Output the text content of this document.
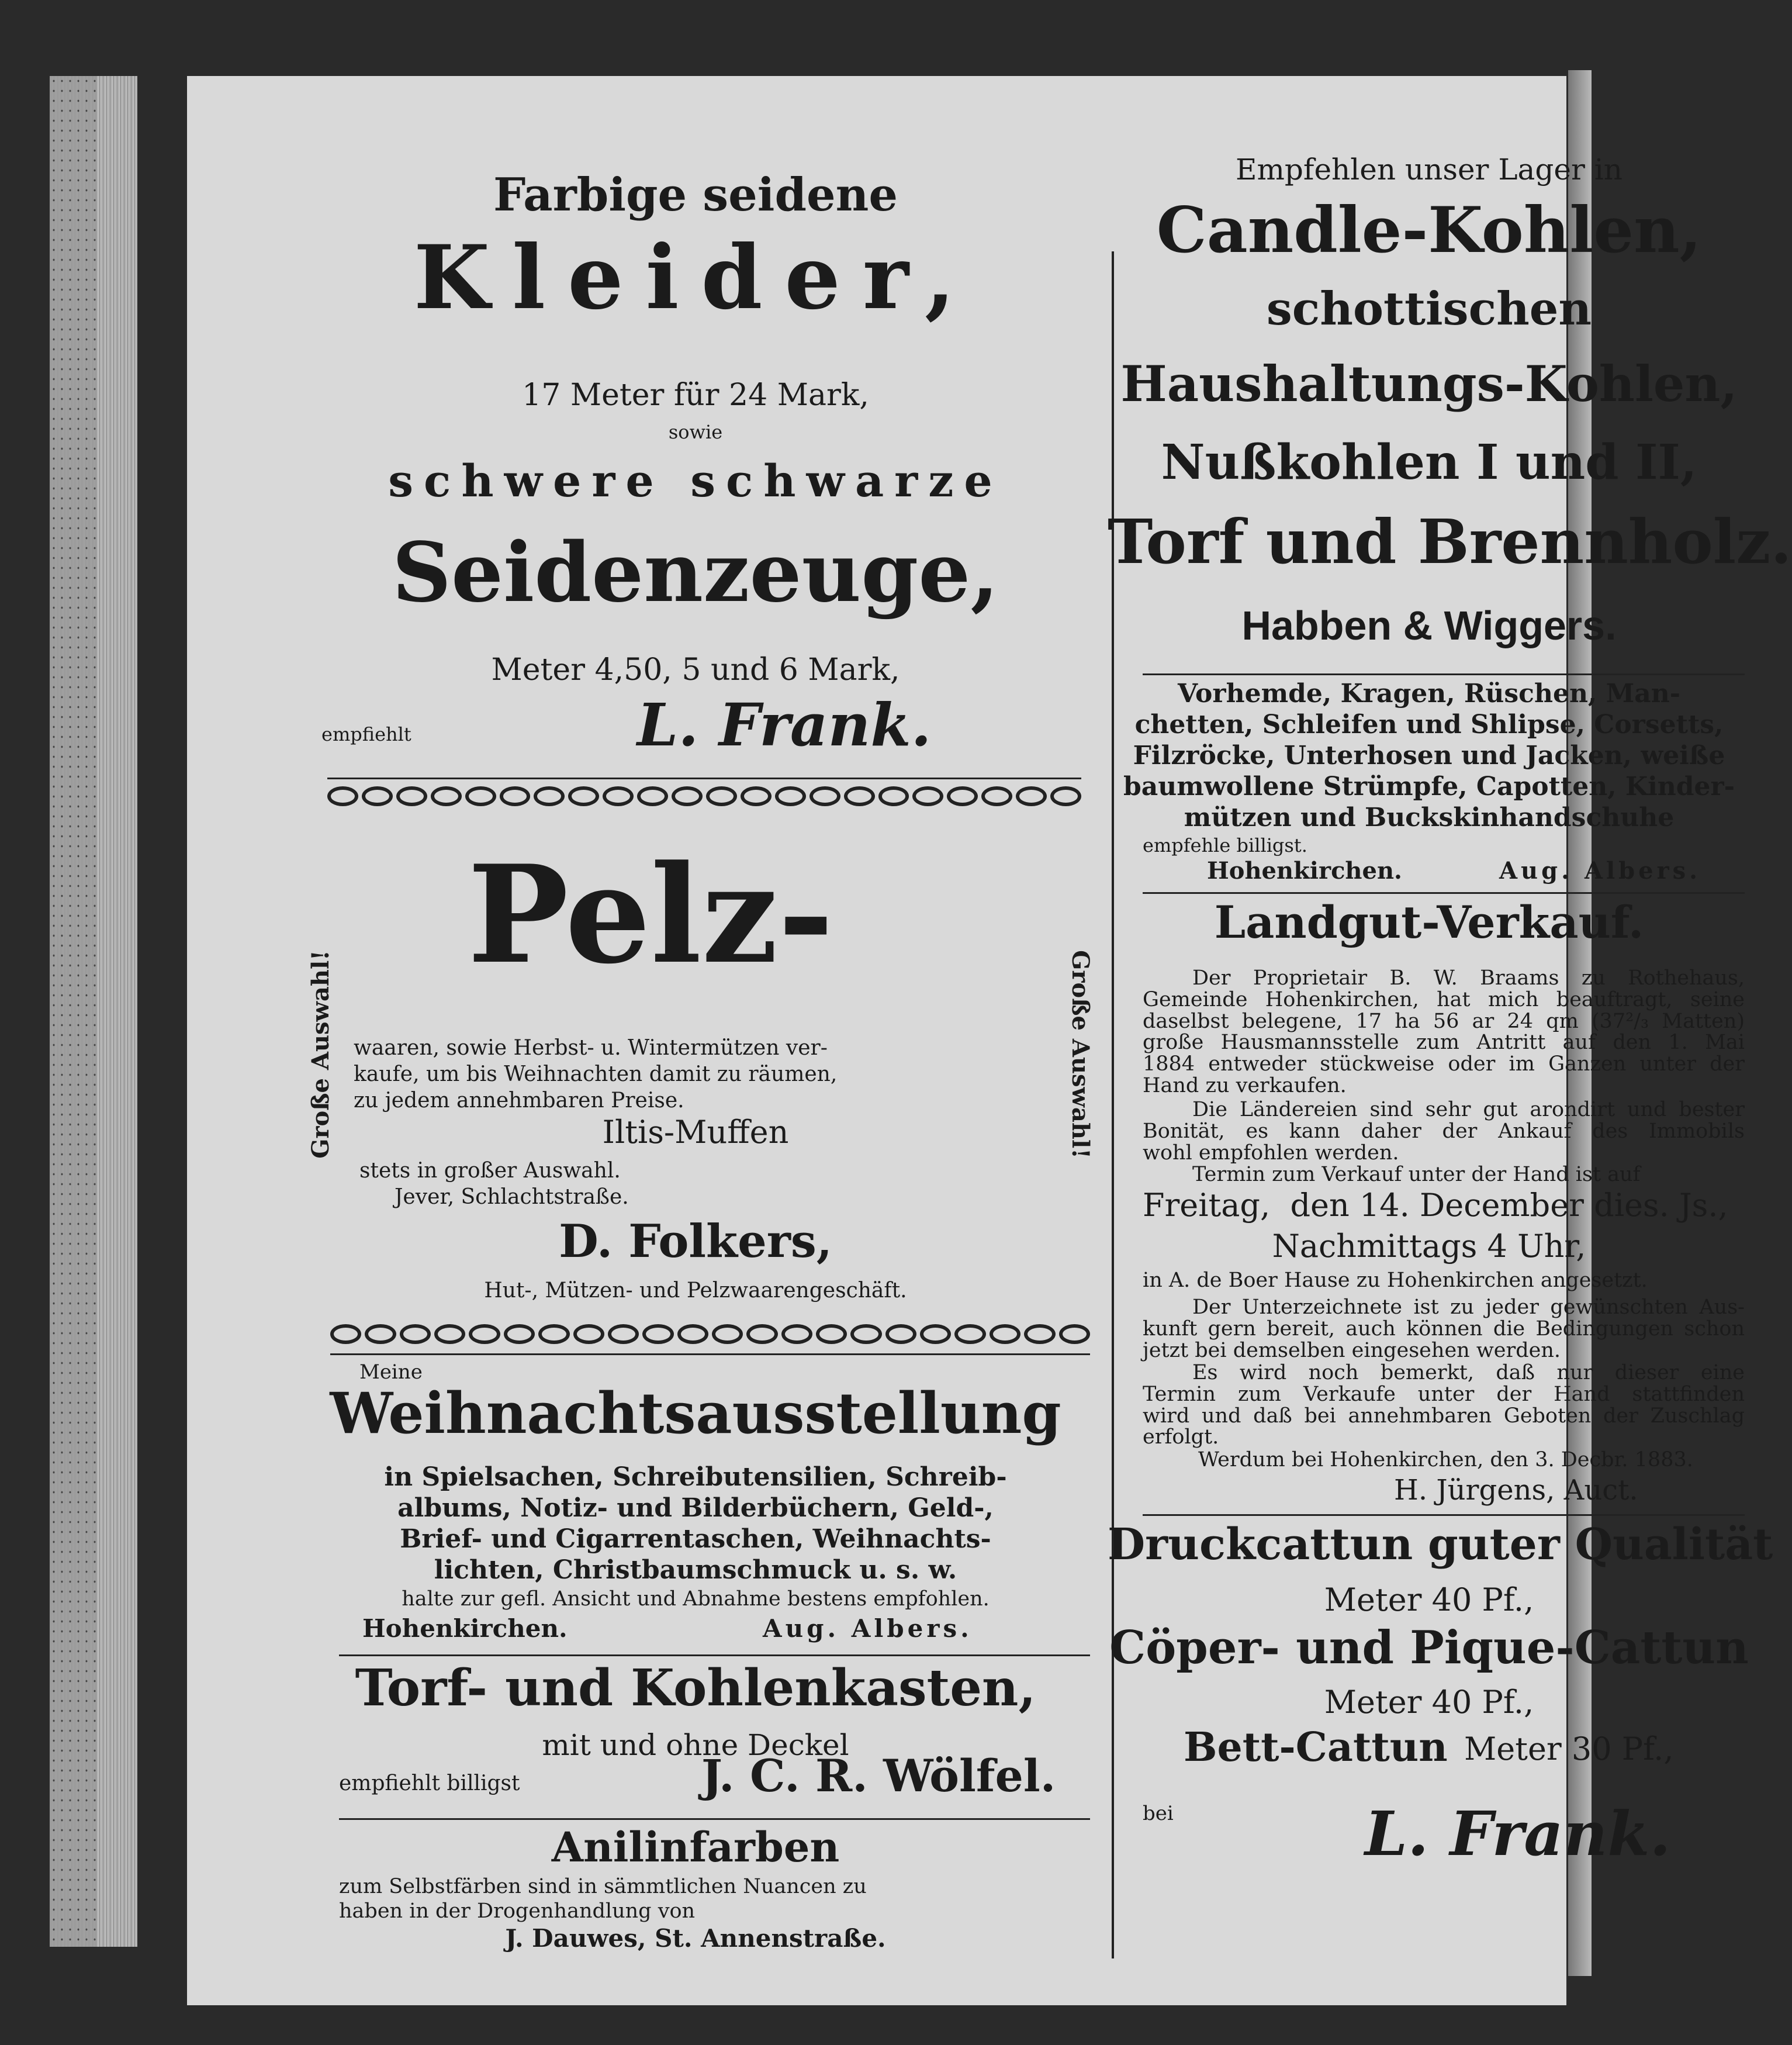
Farbige seidene
Kleider,
17 Meter für 24 Mark,
sowie
schwere schwarze
Seidenzeuge,
Meter 4,50, 5 und 6 Mark,
empfiehlt	L. Frank.
Pelz-
Große Auswahl!	Große Auswahl!
waaren, sowie Herbst- u. Wintermützen ver-
kaufe, um bis Weihnachten damit zu räumen,
zu jedem annehmbaren Preise.
Iltis-Muffen
stets in großer Auswahl.
Jever, Schlachtstraße.
D. Folkers,
Hut-, Mützen- und Pelzwaarengeschäft.
Meine
Weihnachtsausstellung
in Spielsachen, Schreibutensilien, Schreib-
albums, Notiz- und Bilderbüchern, Geld-,
Brief- und Cigarrentaschen, Weihnachts-
lichten, Christbaumschmuck u. s. w.
halte zur gefl. Ansicht und Abnahme bestens empfohlen.
Hohenkirchen.	Aug. Albers.
Torf- und Kohlenkasten,
mit und ohne Deckel
empfiehlt billigst	J. C. R. Wölfel.
Anilinfarben
zum Selbstfärben sind in sämmtlichen Nuancen zu
haben in der Drogenhandlung von
J. Dauwes, St. Annenstraße.
Empfehlen unser Lager in
Candle-Kohlen,
schottischen
Haushaltungs-Kohlen,
Nußkohlen I und II,
Torf und Brennholz.
Habben & Wiggers.
Vorhemde, Kragen, Rüschen, Man-
chetten, Schleifen und Shlipse, Corsetts,
Filzröcke, Unterhosen und Jacken, weiße
baumwollene Strümpfe, Capotten, Kinder-
mützen und Buckskinhandschuhe
empfehle billigst.
Hohenkirchen.	Aug. Albers.
Landgut-Verkauf.
Der Proprietair B. W. Braams zu Rothehaus,
Gemeinde Hohenkirchen, hat mich beauftragt, seine
daselbst belegene, 17 ha 56 ar 24 qm (37²/₃ Matten)
große Hausmannsstelle zum Antritt auf den 1. Mai
1884 entweder stückweise oder im Ganzen unter der
Hand zu verkaufen.
Die Ländereien sind sehr gut arondirt und bester
Bonität, es kann daher der Ankauf des Immobils
wohl empfohlen werden.
Termin zum Verkauf unter der Hand ist auf
Freitag,  den 14. December dies. Js.,
Nachmittags 4 Uhr,
in A. de Boer Hause zu Hohenkirchen angesetzt.
Der Unterzeichnete ist zu jeder gewünschten Aus-
kunft gern bereit, auch können die Bedingungen schon
jetzt bei demselben eingesehen werden.
Es wird noch bemerkt, daß nur dieser eine
Termin zum Verkaufe unter der Hand stattfinden
wird und daß bei annehmbaren Geboten der Zuschlag
erfolgt.
Werdum bei Hohenkirchen, den 3. Decbr. 1883.
H. Jürgens, Auct.
Druckcattun guter Qualität
Meter 40 Pf.,
Cöper- und Pique-Cattun
Meter 40 Pf.,
Bett-Cattun Meter 30 Pf.,
bei	L. Frank.
